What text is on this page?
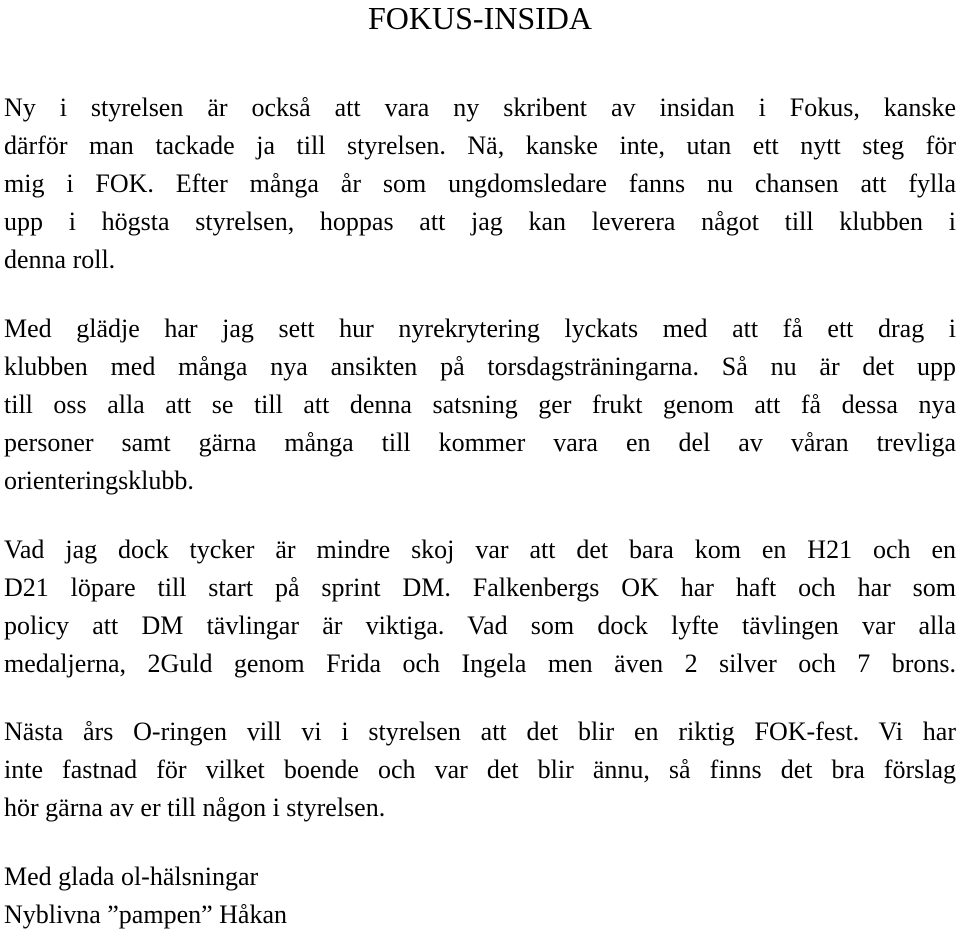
FOKUS-INSIDA
Ny i styrelsen är också att vara ny skribent av insidan i Fokus, kanske
därför man tackade ja till styrelsen. Nä, kanske inte, utan ett nytt steg för
mig i FOK. Efter många år som ungdomsledare fanns nu chansen att fylla
upp i högsta styrelsen, hoppas att jag kan leverera något till klubben i
denna roll.
Med glädje har jag sett hur nyrekrytering lyckats med att få ett drag i
klubben med många nya ansikten på torsdagsträningarna. Så nu är det upp
till oss alla att se till att denna satsning ger frukt genom att få dessa nya
personer samt gärna många till kommer vara en del av våran trevliga
orienteringsklubb.
Vad jag dock tycker är mindre skoj var att det bara kom en H21 och en
D21 löpare till start på sprint DM. Falkenbergs OK har haft och har som
policy att DM tävlingar är viktiga. Vad som dock lyfte tävlingen var alla
medaljerna, 2Guld genom Frida och Ingela men även 2 silver och 7 brons.
Nästa års O-ringen vill vi i styrelsen att det blir en riktig FOK-fest. Vi har
inte fastnad för vilket boende och var det blir ännu, så finns det bra förslag
hör gärna av er till någon i styrelsen.
Med glada ol-hälsningar
Nyblivna ”pampen” Håkan
